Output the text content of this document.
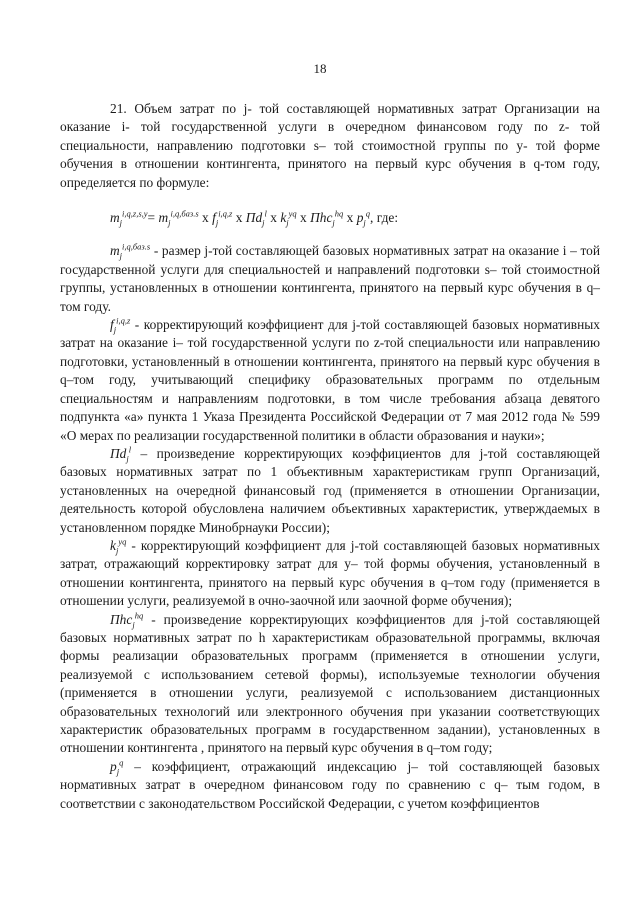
18

21. Объем затрат по j- той составляющей нормативных затрат Организации на оказание i- той государственной услуги в очередном финансовом году по z- той специальности, направлению подготовки s– той стоимостной группы по y- той форме обучения в отношении контингента, принятого на первый курс обучения в q-том году, определяется по формуле:

$m_j^{i,q,z,s,y}= m_j^{i,q,баз.s}$ x $f_j^{i,q,z}$ x $Пd_j^l$ x $k_j^{yq}$ x Пhc$_j^{hq}$ x $p_j^q$, где:

$m_j^{i,q,баз.s}$ - размер j-той составляющей базовых нормативных затрат на оказание i – той государственной услуги для специальностей и направлений подготовки s– той стоимостной группы, установленных в отношении контингента, принятого на первый курс обучения в q–том году.

$f_j^{i,q,z}$ - корректирующий коэффициент для j-той составляющей базовых нормативных затрат на оказание i– той государственной услуги по z-той специальности или направлению подготовки, установленный в отношении контингента, принятого на первый курс обучения в q–том году, учитывающий специфику образовательных программ по отдельным специальностям и направлениям подготовки, в том числе требования абзаца девятого подпункта «а» пункта 1 Указа Президента Российской Федерации от 7 мая 2012 года № 599 «О мерах по реализации государственной политики в области образования и науки»;

$Пd_j^l$ – произведение корректирующих коэффициентов для j-той составляющей базовых нормативных затрат по 1 объективным характеристикам групп Организаций, установленных на очередной финансовый год (применяется в отношении Организации, деятельность которой обусловлена наличием объективных характеристик, утверждаемых в установленном порядке Минобрнауки России);

$k_j^{yq}$ - корректирующий коэффициент для j-той составляющей базовых нормативных затрат, отражающий корректировку затрат для y– той формы обучения, установленный в отношении контингента, принятого на первый курс обучения в q–том году (применяется в отношении услуги, реализуемой в очно-заочной или заочной форме обучения);

Пhc$_j^{hq}$ - произведение корректирующих коэффициентов для j-той составляющей базовых нормативных затрат по h характеристикам образовательной программы, включая формы реализации образовательных программ (применяется в отношении услуги, реализуемой с использованием сетевой формы), используемые технологии обучения (применяется в отношении услуги, реализуемой с использованием дистанционных образовательных технологий или электронного обучения при указании соответствующих характеристик образовательных программ в государственном задании), установленных в отношении контингента , принятого на первый курс обучения в q–том году;

$p_j^q$ – коэффициент, отражающий индексацию j– той составляющей базовых нормативных затрат в очередном финансовом году по сравнению с q– тым годом, в соответствии с законодательством Российской Федерации, с учетом коэффициентов
